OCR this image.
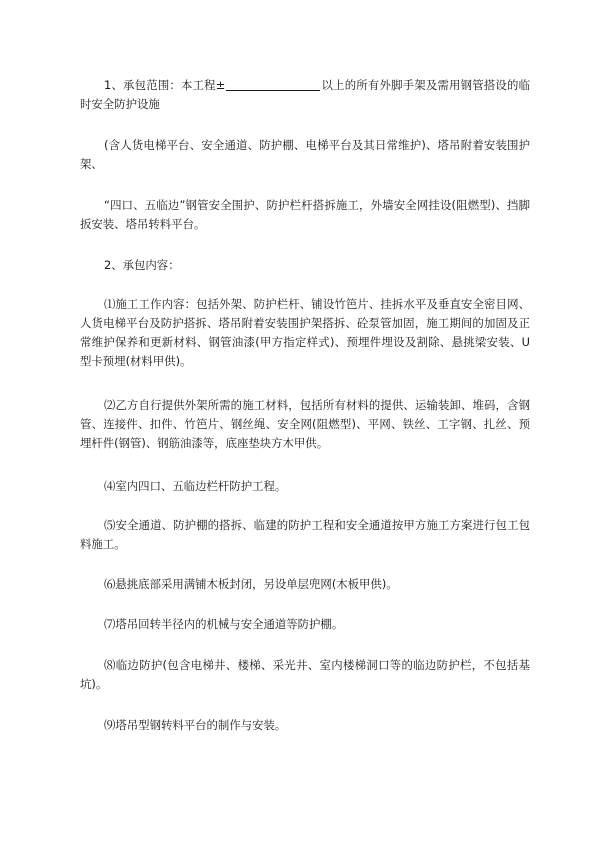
1、承包范围：本工程±	以上的所有外脚手架及需用钢管搭设的临时安全防护设施

(含人货电梯平台、安全通道、防护棚、电梯平台及其日常维护)、塔吊附着安装围护架、

“四口、五临边”钢管安全围护、防护栏杆搭拆施工，外墙安全网挂设(阻燃型)、挡脚扳安装、塔吊转料平台。

2、承包内容：

⑴施工工作内容：包括外架、防护栏杆、铺设竹笆片、挂拆水平及垂直安全密目网、人货电梯平台及防护搭拆、塔吊附着安装围护架搭拆、砼泵管加固，施工期间的加固及正常维护保养和更新材料、钢管油漆(甲方指定样式)、预埋件埋设及割除、悬挑梁安装、U型卡预埋(材料甲供)。

⑵乙方自行提供外架所需的施工材料，包括所有材料的提供、运输装卸、堆码，含钢管、连接件、扣件、竹笆片、钢丝绳、安全网(阻燃型)、平网、铁丝、工字钢、扎丝、预埋杆件(钢管)、钢筋油漆等，底座垫块方木甲供。

⑷室内四口、五临边栏杆防护工程。

⑸安全通道、防护棚的搭拆、临建的防护工程和安全通道按甲方施工方案进行包工包料施工。

⑹悬挑底部采用满铺木板封闭，另设单层兜网(木板甲供)。

⑺塔吊回转半径内的机械与安全通道等防护棚。

⑻临边防护(包含电梯井、楼梯、采光井、室内楼梯洞口等的临边防护栏，不包括基坑)。

⑼塔吊型钢转料平台的制作与安装。
